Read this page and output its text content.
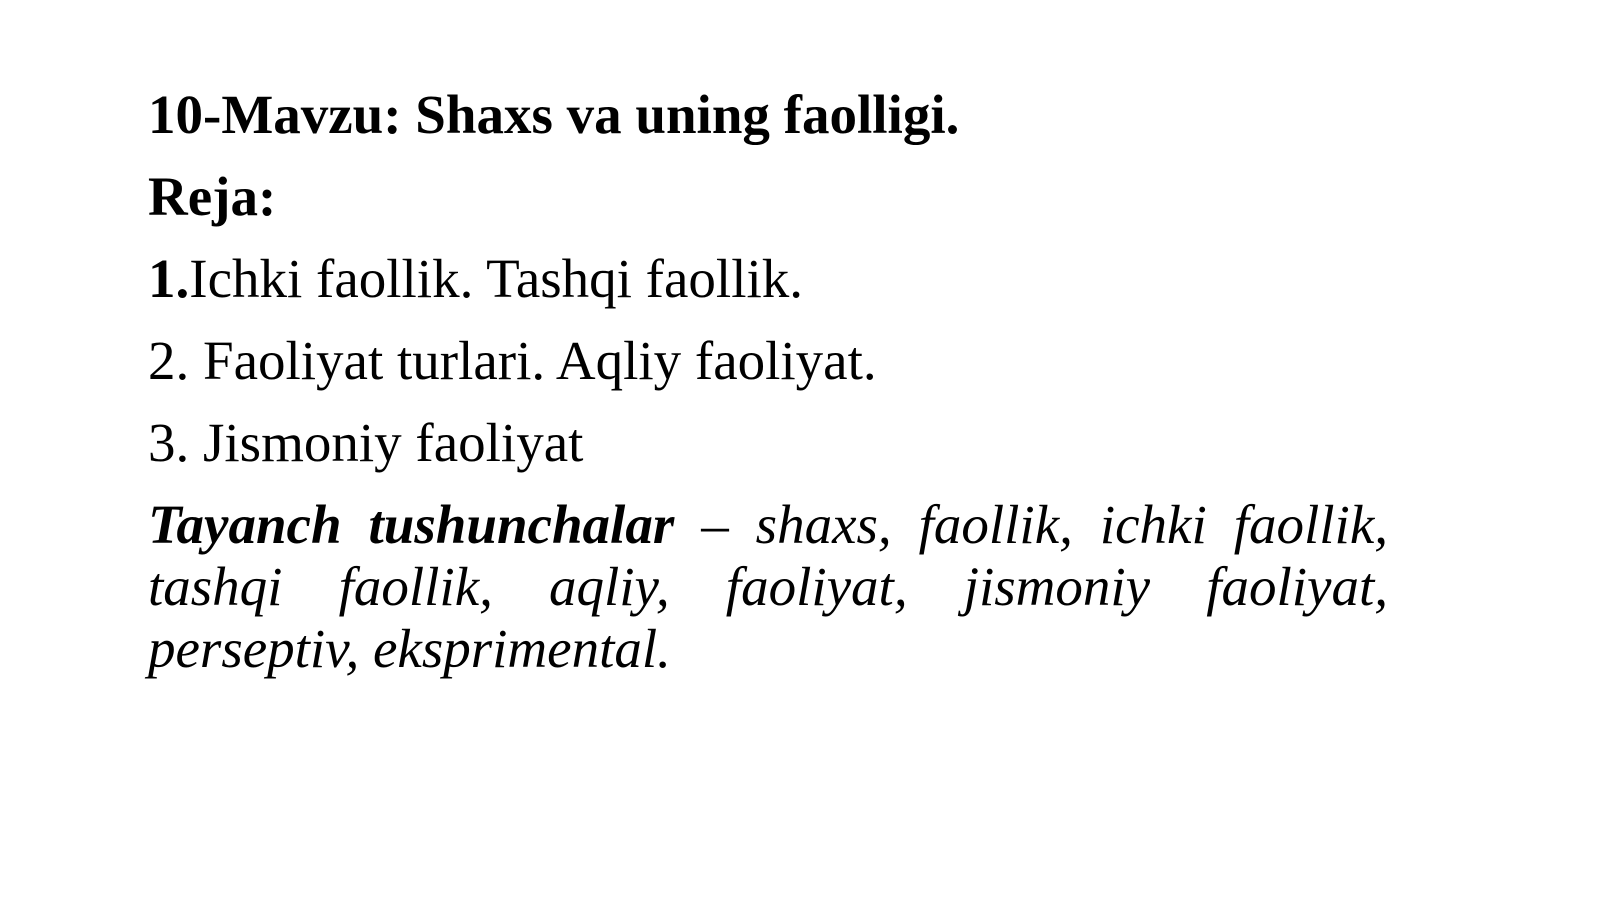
10-Mavzu: Shaxs va uning faolligi.

Reja:

1.Ichki faollik. Tashqi faollik.

2. Faoliyat turlari. Aqliy faoliyat.

3. Jismoniy faoliyat

Tayanch tushunchalar – shaxs, faollik, ichki faollik, tashqi faollik, aqliy, faoliyat, jismoniy faoliyat, perseptiv, eksprimental.
